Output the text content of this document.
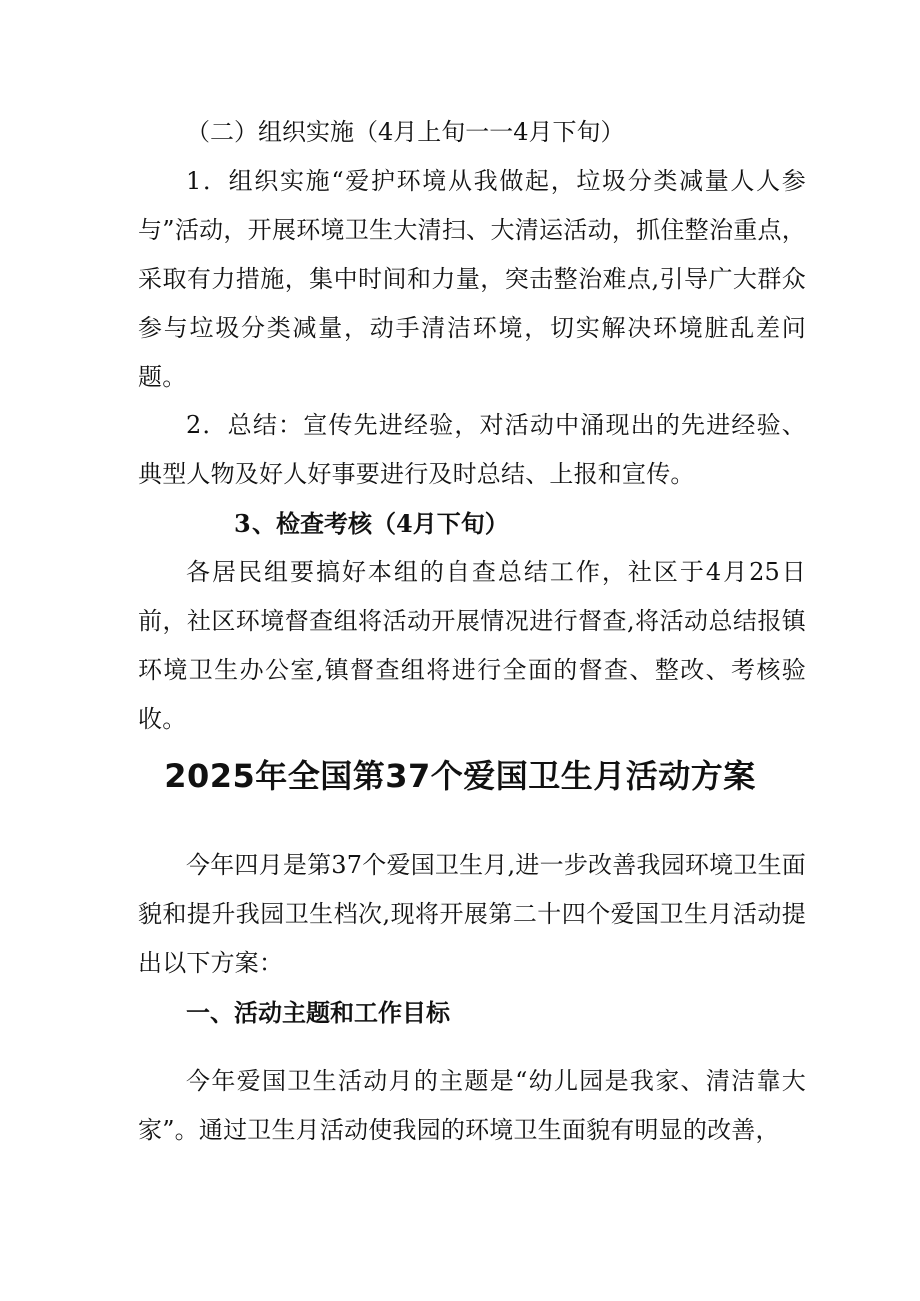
（二）组织实施（4月上旬一一4月下旬）

1．组织实施“爱护环境从我做起，垃圾分类减量人人参与”活动，开展环境卫生大清扫、大清运活动，抓住整治重点，采取有力措施，集中时间和力量，突击整治难点,引导广大群众参与垃圾分类减量，动手清洁环境，切实解决环境脏乱差问题。

2．总结：宣传先进经验，对活动中涌现出的先进经验、典型人物及好人好事要进行及时总结、上报和宣传。

3、检查考核（4月下旬）

各居民组要搞好本组的自查总结工作，社区于4月25日前，社区环境督查组将活动开展情况进行督查,将活动总结报镇环境卫生办公室,镇督查组将进行全面的督查、整改、考核验收。

2025年全国第37个爱国卫生月活动方案

今年四月是第37个爱国卫生月,进一步改善我园环境卫生面貌和提升我园卫生档次,现将开展第二十四个爱国卫生月活动提出以下方案：

一、活动主题和工作目标

今年爱国卫生活动月的主题是“幼儿园是我家、清洁靠大家”。通过卫生月活动使我园的环境卫生面貌有明显的改善，
